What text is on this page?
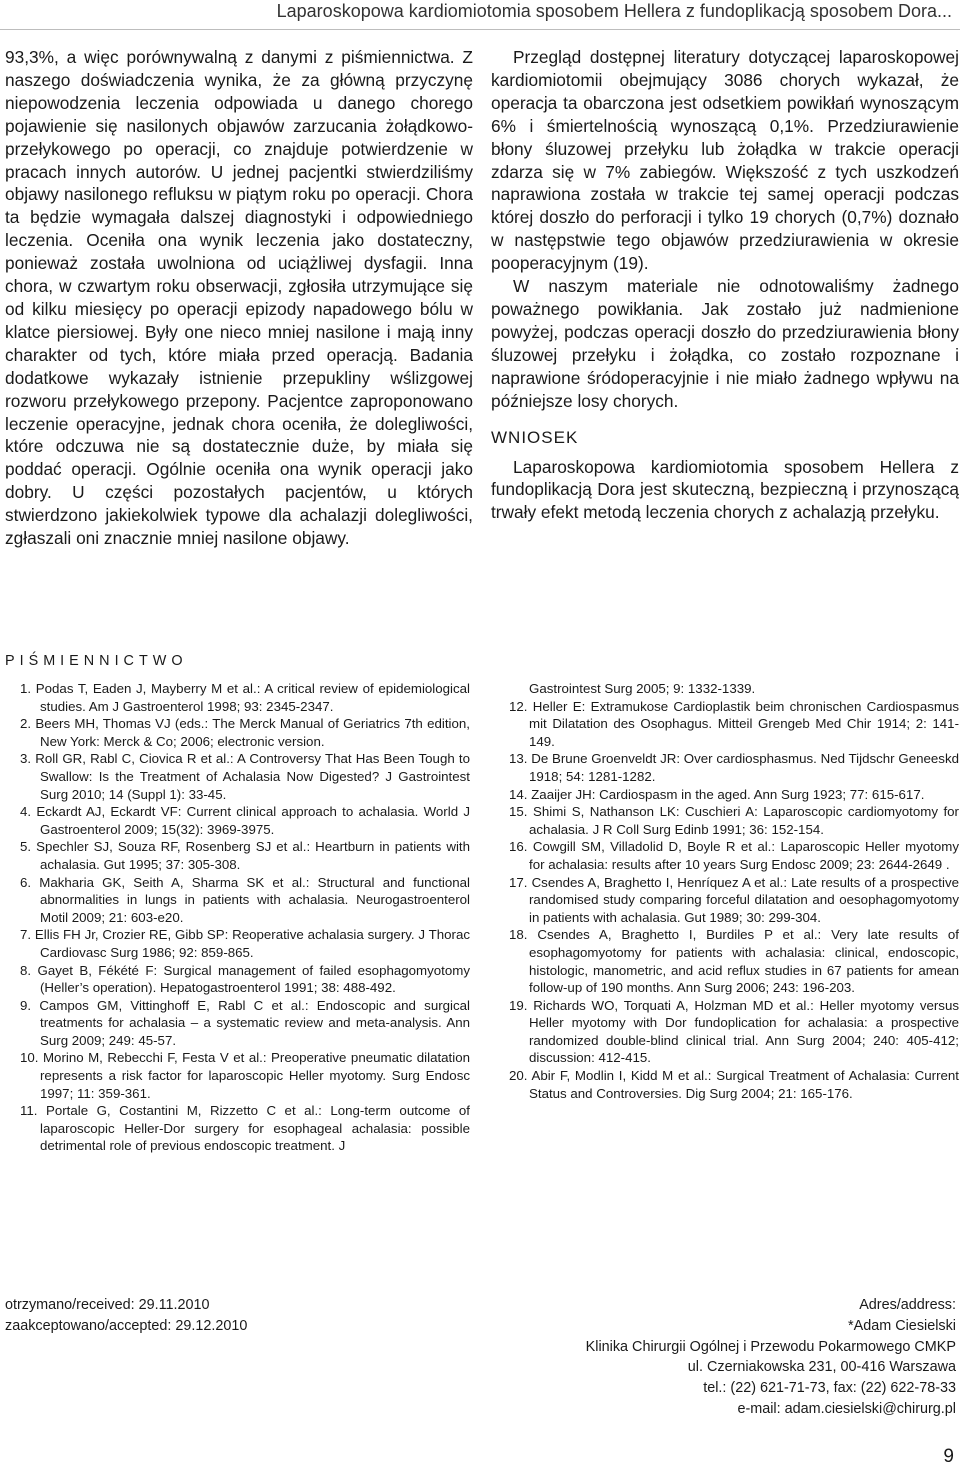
Laparoskopowa kardiomiotomia sposobem Hellera z fundoplikacją sposobem Dora...

93,3%, a więc porównywalną z danymi z piśmiennictwa. Z naszego doświadczenia wynika, że za główną przyczynę niepowodzenia leczenia odpowiada u danego chorego pojawienie się nasilonych objawów zarzucania żołądkowo-przełykowego po operacji, co znajduje potwierdzenie w pracach innych autorów. U jednej pacjentki stwierdziliśmy objawy nasilonego refluksu w piątym roku po operacji. Chora ta będzie wymagała dalszej diagnostyki i odpowiedniego leczenia. Oceniła ona wynik leczenia jako dostateczny, ponieważ została uwolniona od uciążliwej dysfagii. Inna chora, w czwartym roku obserwacji, zgłosiła utrzymujące się od kilku miesięcy po operacji epizody napadowego bólu w klatce piersiowej. Były one nieco mniej nasilone i mają inny charakter od tych, które miała przed operacją. Badania dodatkowe wykazały istnienie przepukliny wślizgowej rozworu przełykowego przepony. Pacjentce zaproponowano leczenie operacyjne, jednak chora oceniła, że dolegliwości, które odczuwa nie są dostatecznie duże, by miała się poddać operacji. Ogólnie oceniła ona wynik operacji jako dobry. U części pozostałych pacjentów, u których stwierdzono jakiekolwiek typowe dla achalazji dolegliwości, zgłaszali oni znacznie mniej nasilone objawy.

Przegląd dostępnej literatury dotyczącej laparoskopowej kardiomiotomii obejmujący 3086 chorych wykazał, że operacja ta obarczona jest odsetkiem powikłań wynoszącym 6% i śmiertelnością wynoszącą 0,1%. Przedziurawienie błony śluzowej przełyku lub żołądka w trakcie operacji zdarza się w 7% zabiegów. Większość z tych uszkodzeń naprawiona została w trakcie tej samej operacji podczas której doszło do perforacji i tylko 19 chorych (0,7%) doznało w następstwie tego objawów przedziurawienia w okresie pooperacyjnym (19).

W naszym materiale nie odnotowaliśmy żadnego poważnego powikłania. Jak zostało już nadmienione powyżej, podczas operacji doszło do przedziurawienia błony śluzowej przełyku i żołądka, co zostało rozpoznane i naprawione śródoperacyjnie i nie miało żadnego wpływu na późniejsze losy chorych.

WNIOSEK

Laparoskopowa kardiomiotomia sposobem Hellera z fundoplikacją Dora jest skuteczną, bezpieczną i przynoszącą trwały efekt metodą leczenia chorych z achalazją przełyku.

PIŚMIENNICTWO

1. Podas T, Eaden J, Mayberry M et al.: A critical review of epidemiological studies. Am J Gastroenterol 1998; 93: 2345-2347.

2. Beers MH, Thomas VJ (eds.: The Merck Manual of Geriatrics 7th edition, New York: Merck & Co; 2006; electronic version.

3. Roll GR, Rabl C, Ciovica R et al.: A Controversy That Has Been Tough to Swallow: Is the Treatment of Achalasia Now Digested? J Gastrointest Surg 2010; 14 (Suppl 1): 33-45.

4. Eckardt AJ, Eckardt VF: Current clinical approach to achalasia. World J Gastroenterol 2009; 15(32): 3969-3975.

5. Spechler SJ, Souza RF, Rosenberg SJ et al.: Heartburn in patients with achalasia. Gut 1995; 37: 305-308.

6. Makharia GK, Seith A, Sharma SK et al.: Structural and functional abnormalities in lungs in patients with achalasia. Neurogastroenterol Motil 2009; 21: 603-e20.

7. Ellis FH Jr, Crozier RE, Gibb SP: Reoperative achalasia surgery. J Thorac Cardiovasc Surg 1986; 92: 859-865.

8. Gayet B, Fékété F: Surgical management of failed esophagomyotomy (Heller’s operation). Hepatogastroenterol 1991; 38: 488-492.

9. Campos GM, Vittinghoff E, Rabl C et al.: Endoscopic and surgical treatments for achalasia – a systematic review and meta-analysis. Ann Surg 2009; 249: 45-57.

10. Morino M, Rebecchi F, Festa V et al.: Preoperative pneumatic dilatation represents a risk factor for laparoscopic Heller myotomy. Surg Endosc 1997; 11: 359-361.

11. Portale G, Costantini M, Rizzetto C et al.: Long-term outcome of laparoscopic Heller-Dor surgery for esophageal achalasia: possible detrimental role of previous endoscopic treatment. J

Gastrointest Surg 2005; 9: 1332-1339.

12. Heller E: Extramukose Cardioplastik beim chronischen Cardiospasmus mit Dilatation des Osophagus. Mitteil Grengeb Med Chir 1914; 2: 141-149.

13. De Brune Groenveldt JR: Over cardiosphasmus. Ned Tijdschr Geneeskd 1918; 54: 1281-1282.

14. Zaaijer JH: Cardiospasm in the aged. Ann Surg 1923; 77: 615-617.

15. Shimi S, Nathanson LK: Cuschieri A: Laparoscopic cardiomyotomy for achalasia. J R Coll Surg Edinb 1991; 36: 152-154.

16. Cowgill SM, Villadolid D, Boyle R et al.: Laparoscopic Heller myotomy for achalasia: results after 10 years Surg Endosc 2009; 23: 2644-2649 .

17. Csendes A, Braghetto I, Henríquez A et al.: Late results of a prospective randomised study comparing forceful dilatation and oesophagomyotomy in patients with achalasia. Gut 1989; 30: 299-304.

18. Csendes A, Braghetto I, Burdiles P et al.: Very late results of esophagomyotomy for patients with achalasia: clinical, endoscopic, histologic, manometric, and acid reflux studies in 67 patients for amean follow-up of 190 months. Ann Surg 2006; 243: 196-203.

19. Richards WO, Torquati A, Holzman MD et al.: Heller myotomy versus Heller myotomy with Dor fundoplication for achalasia: a prospective randomized double-blind clinical trial. Ann Surg 2004; 240: 405-412; discussion: 412-415.

20. Abir F, Modlin I, Kidd M et al.: Surgical Treatment of Achalasia: Current Status and Controversies. Dig Surg 2004; 21: 165-176.

otrzymano/received: 29.11.2010
zaakceptowano/accepted: 29.12.2010
Adres/address:
*Adam Ciesielski
Klinika Chirurgii Ogólnej i Przewodu Pokarmowego CMKP
ul. Czerniakowska 231, 00-416 Warszawa
tel.: (22) 621-71-73, fax: (22) 622-78-33
e-mail: adam.ciesielski@chirurg.pl
9
